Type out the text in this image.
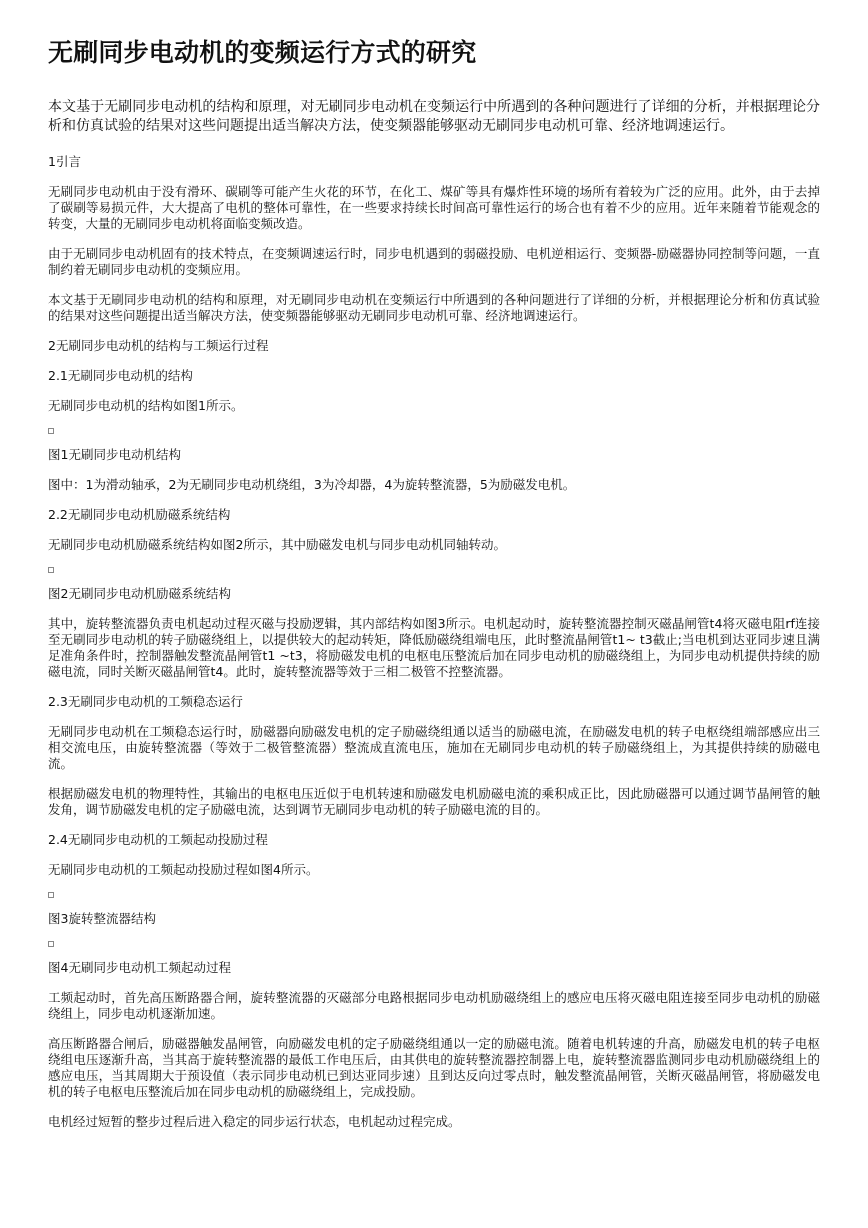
无刷同步电动机的变频运行方式的研究
本文基于无刷同步电动机的结构和原理，对无刷同步电动机在变频运行中所遇到的各种问题进行了详细的分析，并根据理论分析和仿真试验的结果对这些问题提出适当解决方法，使变频器能够驱动无刷同步电动机可靠、经济地调速运行。
1引言

无刷同步电动机由于没有滑环、碳刷等可能产生火花的环节，在化工、煤矿等具有爆炸性环境的场所有着较为广泛的应用。此外，由于去掉了碳刷等易损元件，大大提高了电机的整体可靠性，在一些要求持续长时间高可靠性运行的场合也有着不少的应用。近年来随着节能观念的转变，大量的无刷同步电动机将面临变频改造。

由于无刷同步电动机固有的技术特点，在变频调速运行时，同步电机遇到的弱磁投励、电机逆相运行、变频器-励磁器协同控制等问题，一直制约着无刷同步电动机的变频应用。

本文基于无刷同步电动机的结构和原理，对无刷同步电动机在变频运行中所遇到的各种问题进行了详细的分析，并根据理论分析和仿真试验的结果对这些问题提出适当解决方法，使变频器能够驱动无刷同步电动机可靠、经济地调速运行。

2无刷同步电动机的结构与工频运行过程
2.1无刷同步电动机的结构

无刷同步电动机的结构如图1所示。

图1无刷同步电动机结构

图中：1为滑动轴承，2为无刷同步电动机绕组，3为冷却器，4为旋转整流器，5为励磁发电机。

2.2无刷同步电动机励磁系统结构

无刷同步电动机励磁系统结构如图2所示，其中励磁发电机与同步电动机同轴转动。

图2无刷同步电动机励磁系统结构

其中，旋转整流器负责电机起动过程灭磁与投励逻辑，其内部结构如图3所示。电机起动时，旋转整流器控制灭磁晶闸管t4将灭磁电阻rf连接至无刷同步电动机的转子励磁绕组上，以提供较大的起动转矩，降低励磁绕组端电压，此时整流晶闸管t1~ t3截止;当电机到达亚同步速且满足准角条件时，控制器触发整流晶闸管t1 ~t3，将励磁发电机的电枢电压整流后加在同步电动机的励磁绕组上，为同步电动机提供持续的励磁电流，同时关断灭磁晶闸管t4。此时，旋转整流器等效于三相二极管不控整流器。

2.3无刷同步电动机的工频稳态运行

无刷同步电动机在工频稳态运行时，励磁器向励磁发电机的定子励磁绕组通以适当的励磁电流，在励磁发电机的转子电枢绕组端部感应出三相交流电压，由旋转整流器（等效于二极管整流器）整流成直流电压，施加在无刷同步电动机的转子励磁绕组上，为其提供持续的励磁电流。

根据励磁发电机的物理特性，其输出的电枢电压近似于电机转速和励磁发电机励磁电流的乘积成正比，因此励磁器可以通过调节晶闸管的触发角，调节励磁发电机的定子励磁电流，达到调节无刷同步电动机的转子励磁电流的目的。

2.4无刷同步电动机的工频起动投励过程

无刷同步电动机的工频起动投励过程如图4所示。

图3旋转整流器结构
图4无刷同步电动机工频起动过程

工频起动时，首先高压断路器合闸，旋转整流器的灭磁部分电路根据同步电动机励磁绕组上的感应电压将灭磁电阻连接至同步电动机的励磁绕组上，同步电动机逐渐加速。

高压断路器合闸后，励磁器触发晶闸管，向励磁发电机的定子励磁绕组通以一定的励磁电流。随着电机转速的升高，励磁发电机的转子电枢绕组电压逐渐升高，当其高于旋转整流器的最低工作电压后，由其供电的旋转整流器控制器上电，旋转整流器监测同步电动机励磁绕组上的感应电压，当其周期大于预设值（表示同步电动机已到达亚同步速）且到达反向过零点时，触发整流晶闸管，关断灭磁晶闸管，将励磁发电机的转子电枢电压整流后加在同步电动机的励磁绕组上，完成投励。

电机经过短暂的整步过程后进入稳定的同步运行状态，电机起动过程完成。
